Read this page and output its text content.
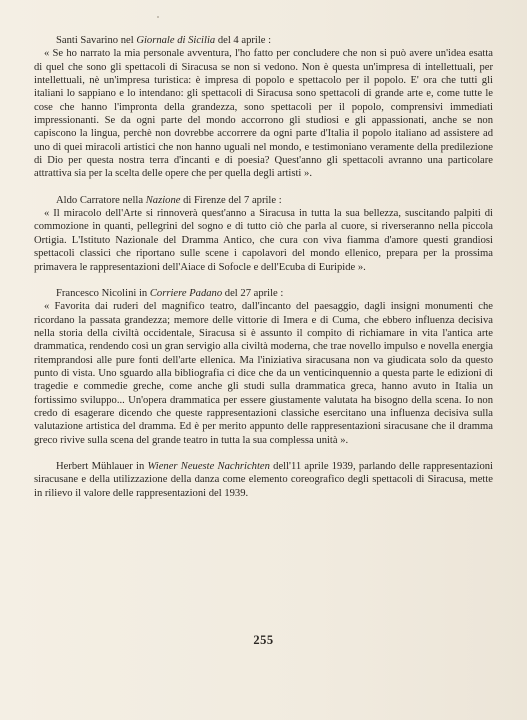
Santi Savarino nel Giornale di Sicilia del 4 aprile :

« Se ho narrato la mia personale avventura, l'ho fatto per concludere che non si può avere un'idea esatta di quel che sono gli spettacoli di Siracusa se non si vedono. Non è questa un'impresa di intellettuali, per intellettuali, nè un'impresa turistica: è impresa di popolo e spettacolo per il popolo. E' ora che tutti gli italiani lo sappiano e lo intendano: gli spettacoli di Siracusa sono spettacoli di grande arte e, come tutte le cose che hanno l'impronta della grandezza, sono spettacoli per il popolo, comprensivi immediati impressionanti. Se da ogni parte del mondo accorrono gli studiosi e gli appassionati, anche se non capiscono la lingua, perchè non dovrebbe accorrere da ogni parte d'Italia il popolo italiano ad assistere ad uno di quei miracoli artistici che non hanno uguali nel mondo, e testimoniano veramente della predilezione di Dio per questa nostra terra d'incanti e di poesia? Quest'anno gli spettacoli avranno una particolare attrattiva sia per la scelta delle opere che per quella degli artisti ».

Aldo Carratore nella Nazione di Firenze del 7 aprile :

« Il miracolo dell'Arte si rinnoverà quest'anno a Siracusa in tutta la sua bellezza, suscitando palpiti di commozione in quanti, pellegrini del sogno e di tutto ciò che parla al cuore, si riverseranno nella piccola Ortigia. L'Istituto Nazionale del Dramma Antico, che cura con viva fiamma d'amore questi grandiosi spettacoli classici che riportano sulle scene i capolavori del mondo ellenico, prepara per la prossima primavera le rappresentazioni dell'Aiace di Sofocle e dell'Ecuba di Euripide ».

Francesco Nicolini in Corriere Padano del 27 aprile :

« Favorita dai ruderi del magnifico teatro, dall'incanto del paesaggio, dagli insigni monumenti che ricordano la passata grandezza; memore delle vittorie di Imera e di Cuma, che ebbero influenza decisiva nella storia della civiltà occidentale, Siracusa si è assunto il compito di richiamare in vita l'antica arte drammatica, rendendo così un gran servigio alla civiltà moderna, che trae novello impulso e novella energia ritemprandosi alle pure fonti dell'arte ellenica. Ma l'iniziativa siracusana non va giudicata solo da questo punto di vista. Uno sguardo alla bibliografia ci dice che da un venticinquennio a questa parte le edizioni di tragedie e commedie greche, come anche gli studi sulla drammatica greca, hanno avuto in Italia un fortissimo sviluppo... Un'opera drammatica per essere giustamente valutata ha bisogno della scena. Io non credo di esagerare dicendo che queste rappresentazioni classiche esercitano una influenza decisiva sulla valutazione artistica del dramma. Ed è per merito appunto delle rappresentazioni siracusane che il dramma greco rivive sulla scena del grande teatro in tutta la sua complessa unità ».

Herbert Mühlauer in Wiener Neueste Nachrichten dell'11 aprile 1939, parlando delle rappresentazioni siracusane e della utilizzazione della danza come elemento coreografico degli spettacoli di Siracusa, mette in rilievo il valore delle rappresentazioni del 1939.

255
